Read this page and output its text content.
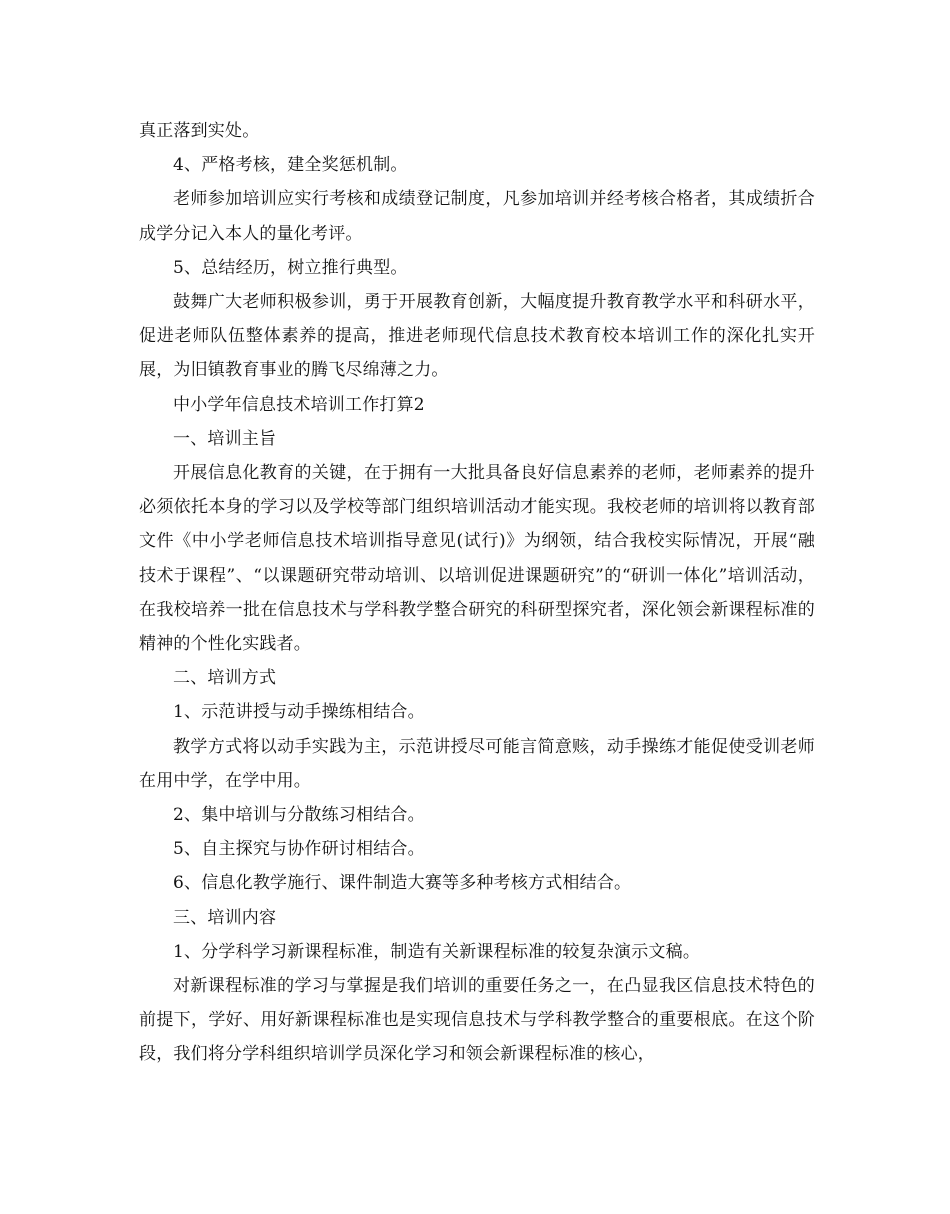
真正落到实处。

4、严格考核，建全奖惩机制。

老师参加培训应实行考核和成绩登记制度，凡参加培训并经考核合格者，其成绩折合成学分记入本人的量化考评。

5、总结经历，树立推行典型。

鼓舞广大老师积极参训，勇于开展教育创新，大幅度提升教育教学水平和科研水平，促进老师队伍整体素养的提高，推进老师现代信息技术教育校本培训工作的深化扎实开展，为旧镇教育事业的腾飞尽绵薄之力。

中小学年信息技术培训工作打算2

一、培训主旨

开展信息化教育的关键，在于拥有一大批具备良好信息素养的老师，老师素养的提升必须依托本身的学习以及学校等部门组织培训活动才能实现。我校老师的培训将以教育部文件《中小学老师信息技术培训指导意见(试行)》为纲领，结合我校实际情况，开展“融技术于课程”、“以课题研究带动培训、以培训促进课题研究”的“研训一体化”培训活动，在我校培养一批在信息技术与学科教学整合研究的科研型探究者，深化领会新课程标准的精神的个性化实践者。

二、培训方式

1、示范讲授与动手操练相结合。

教学方式将以动手实践为主，示范讲授尽可能言简意赅，动手操练才能促使受训老师在用中学，在学中用。

2、集中培训与分散练习相结合。

5、自主探究与协作研讨相结合。

6、信息化教学施行、课件制造大赛等多种考核方式相结合。

三、培训内容

1、分学科学习新课程标准，制造有关新课程标准的较复杂演示文稿。

对新课程标准的学习与掌握是我们培训的重要任务之一，在凸显我区信息技术特色的前提下，学好、用好新课程标准也是实现信息技术与学科教学整合的重要根底。在这个阶段，我们将分学科组织培训学员深化学习和领会新课程标准的核心，
